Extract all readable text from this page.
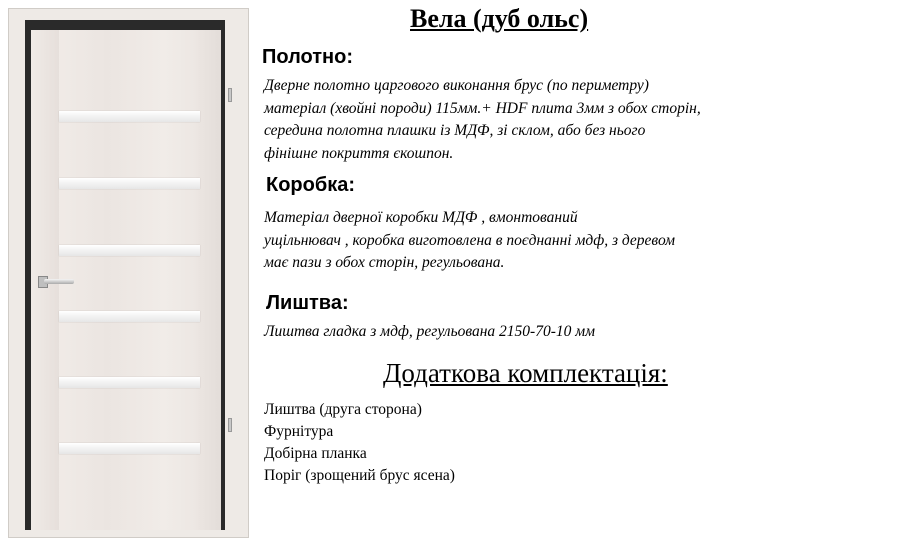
Вела (дуб ольс)
Полотно:
Дверне полотно царгового виконання брус (по периметру)
матеріал (хвойні породи) 115мм.+ HDF плита 3мм з обох сторін,
середина полотна плашки із МДФ, зі склом, або без нього
фінішне покриття єкошпон.
Коробка:
Матеріал дверної коробки МДФ , вмонтований
ущільнювач , коробка виготовлена в поєднанні мдф, з деревом
має пази з обох сторін, регульована.
Лиштва:
Лиштва гладка з мдф, регульована 2150-70-10 мм
Додаткова комплектація:
Лиштва (друга сторона)
Фурнітура
Добірна планка
Поріг (зрощений брус ясена)
